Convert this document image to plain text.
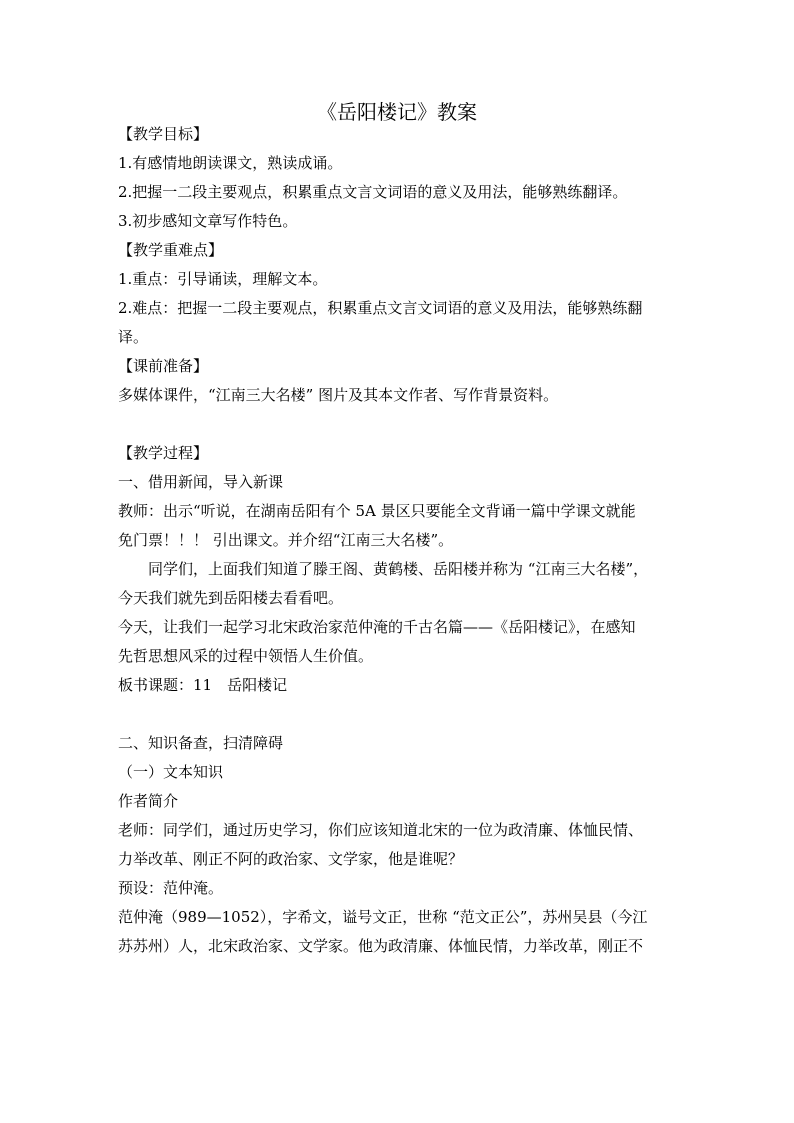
《岳阳楼记》教案
【教学目标】
1.有感情地朗读课文，熟读成诵。
2.把握一二段主要观点，积累重点文言文词语的意义及用法，能够熟练翻译。
3.初步感知文章写作特色。
【教学重难点】
1.重点：引导诵读，理解文本。
2.难点：把握一二段主要观点，积累重点文言文词语的意义及用法，能够熟练翻
译。
【课前准备】
多媒体课件，“江南三大名楼” 图片及其本文作者、写作背景资料。
【教学过程】
一、借用新闻，导入新课
教师：出示“听说，在湖南岳阳有个 5A 景区只要能全文背诵一篇中学课文就能
免门票！！！ 引出课文。并介绍“江南三大名楼”。
同学们，上面我们知道了滕王阁、黄鹤楼、岳阳楼并称为 “江南三大名楼”，
今天我们就先到岳阳楼去看看吧。
今天，让我们一起学习北宋政治家范仲淹的千古名篇——《岳阳楼记》，在感知
先哲思想风采的过程中领悟人生价值。
板书课题：11　岳阳楼记
二、知识备查，扫清障碍
（一）文本知识
作者简介
老师：同学们，通过历史学习，你们应该知道北宋的一位为政清廉、体恤民情、
力举改革、刚正不阿的政治家、文学家，他是谁呢？
预设：范仲淹。
范仲淹（989—1052），字希文，谥号文正，世称 “范文正公”，苏州吴县（今江
苏苏州）人，北宋政治家、文学家。他为政清廉、体恤民情，力举改革，刚正不
